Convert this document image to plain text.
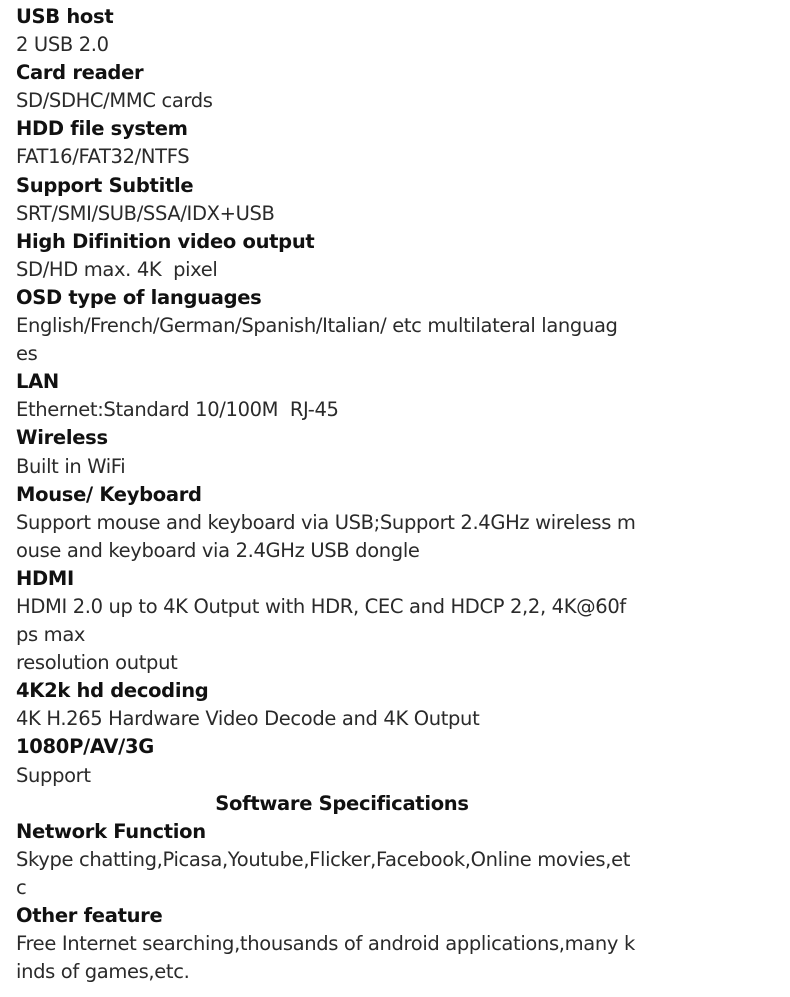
USB host
2 USB 2.0
Card reader
SD/SDHC/MMC cards
HDD file system
FAT16/FAT32/NTFS
Support Subtitle
SRT/SMI/SUB/SSA/IDX+USB
High Difinition video output
SD/HD max. 4K  pixel
OSD type of languages
English/French/German/Spanish/Italian/ etc multilateral languag
es
LAN
Ethernet:Standard 10/100M  RJ-45
Wireless
Built in WiFi
Mouse/ Keyboard
Support mouse and keyboard via USB;Support 2.4GHz wireless m
ouse and keyboard via 2.4GHz USB dongle
HDMI
HDMI 2.0 up to 4K Output with HDR, CEC and HDCP 2,2, 4K@60f
ps max
resolution output
4K2k hd decoding
4K H.265 Hardware Video Decode and 4K Output
1080P/AV/3G
Support
Software Specifications
Network Function
Skype chatting,Picasa,Youtube,Flicker,Facebook,Online movies,et
c
Other feature
Free Internet searching,thousands of android applications,many k
inds of games,etc.
